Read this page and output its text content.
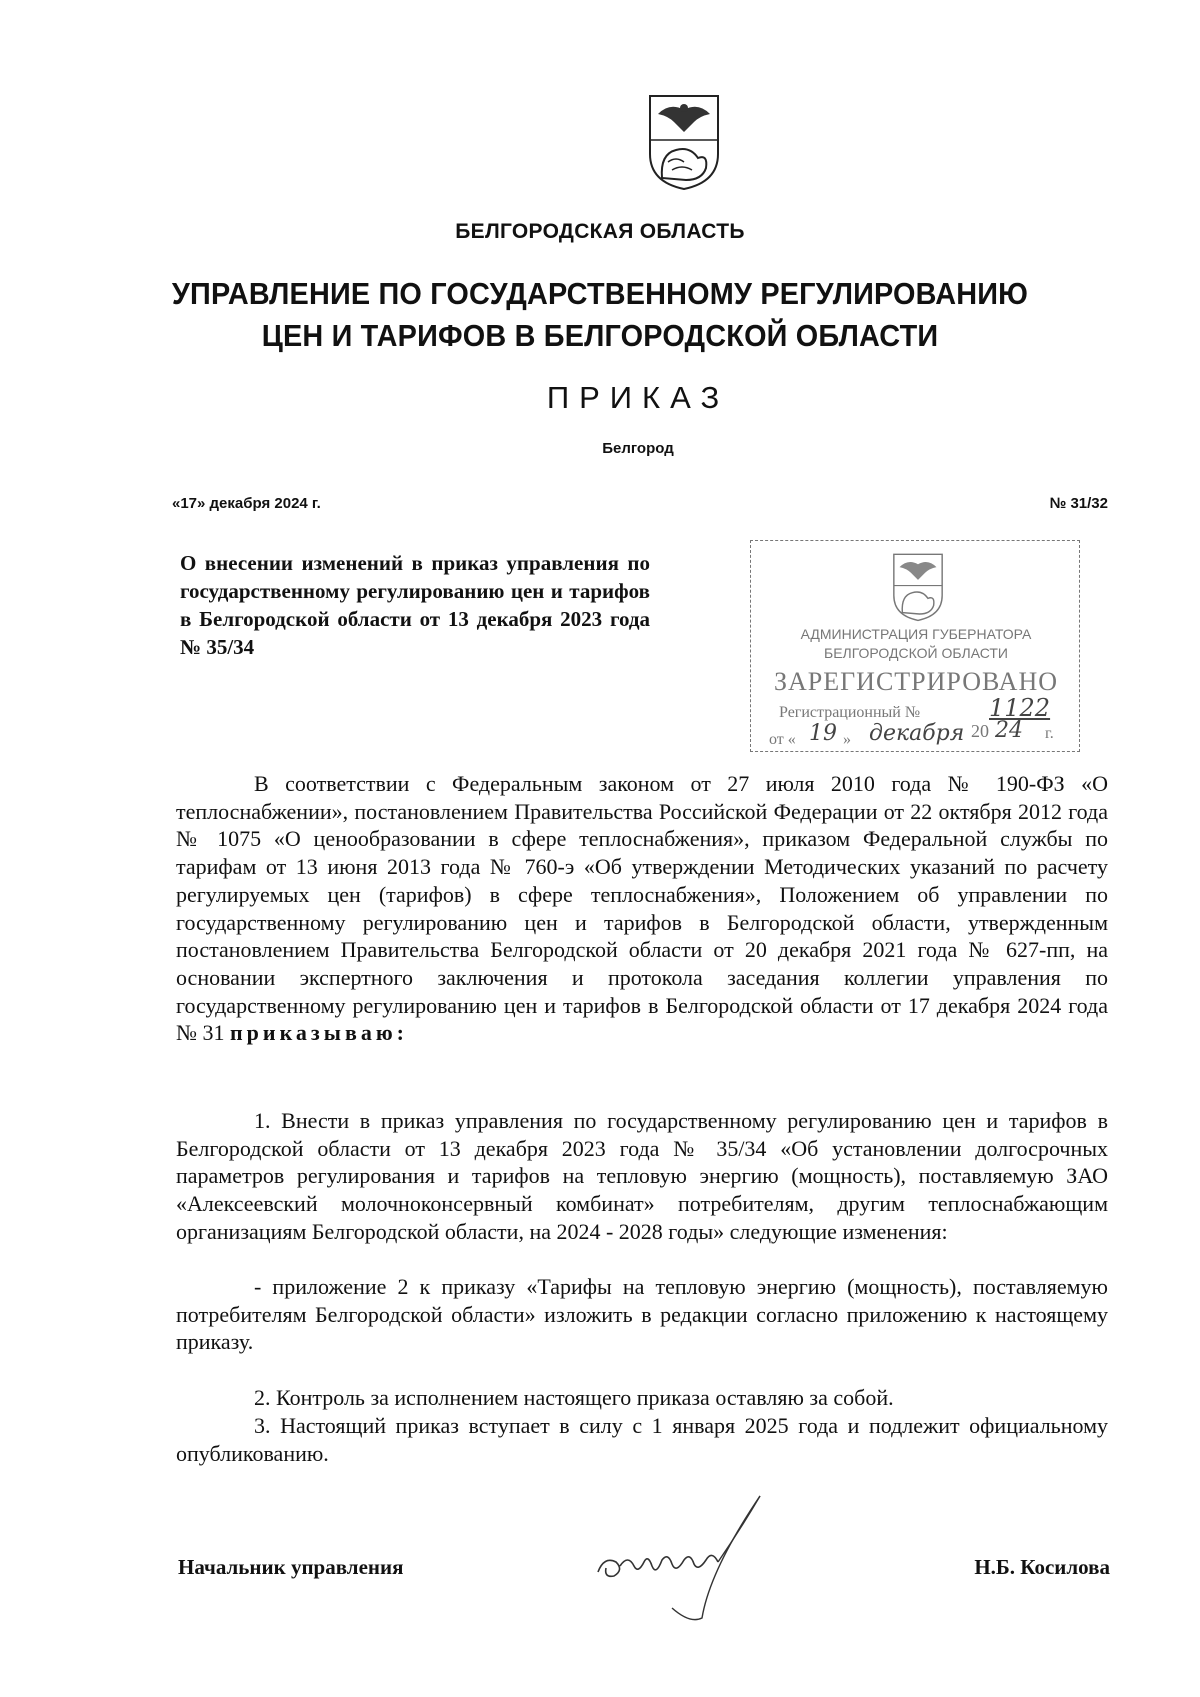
БЕЛГОРОДСКАЯ ОБЛАСТЬ
УПРАВЛЕНИЕ ПО ГОСУДАРСТВЕННОМУ РЕГУЛИРОВАНИЮ
ЦЕН И ТАРИФОВ В БЕЛГОРОДСКОЙ ОБЛАСТИ
ПРИКАЗ
Белгород
«17» декабря 2024 г.	№ 31/32
О внесении изменений в приказ управления по государственному регулированию цен и тарифов в Белгородской области от 13 декабря 2023 года № 35/34
АДМИНИСТРАЦИЯ ГУБЕРНАТОРА
БЕЛГОРОДСКОЙ ОБЛАСТИ
ЗАРЕГИСТРИРОВАНО
Регистрационный №	1122
от « 19 » декабря 20 24 г.
В соответствии с Федеральным законом от 27 июля 2010 года № 190-ФЗ «О теплоснабжении», постановлением Правительства Российской Федерации от 22 октября 2012 года № 1075 «О ценообразовании в сфере теплоснабжения», приказом Федеральной службы по тарифам от 13 июня 2013 года № 760-э «Об утверждении Методических указаний по расчету регулируемых цен (тарифов) в сфере теплоснабжения», Положением об управлении по государственному регулированию цен и тарифов в Белгородской области, утвержденным постановлением Правительства Белгородской области от 20 декабря 2021 года № 627-пп, на основании экспертного заключения и протокола заседания коллегии управления по государственному регулированию цен и тарифов в Белгородской области от 17 декабря 2024 года № 31 приказываю:
1. Внести в приказ управления по государственному регулированию цен и тарифов в Белгородской области от 13 декабря 2023 года № 35/34 «Об установлении долгосрочных параметров регулирования и тарифов на тепловую энергию (мощность), поставляемую ЗАО «Алексеевский молочноконсервный комбинат» потребителям, другим теплоснабжающим организациям Белгородской области, на 2024 - 2028 годы» следующие изменения:
- приложение 2 к приказу «Тарифы на тепловую энергию (мощность), поставляемую потребителям Белгородской области» изложить в редакции согласно приложению к настоящему приказу.
2. Контроль за исполнением настоящего приказа оставляю за собой.
3. Настоящий приказ вступает в силу с 1 января 2025 года и подлежит официальному опубликованию.
Начальник управления	Н.Б. Косилова
